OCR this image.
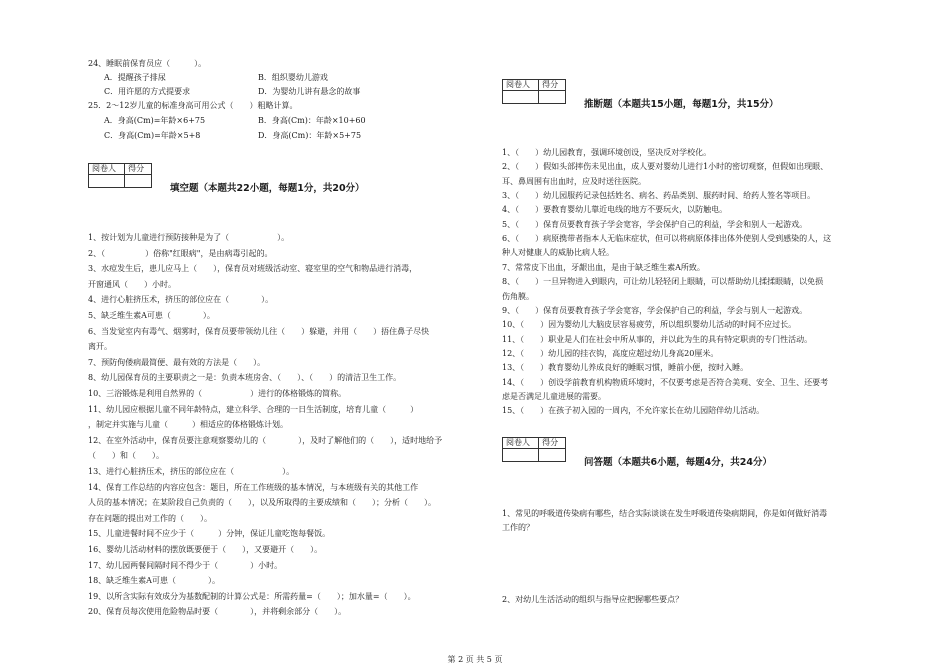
24、睡眠前保育员应（　　　）。
A．提醒孩子排尿	B．组织婴幼儿游戏
C．用许愿的方式提要求	D．为婴幼儿讲有悬念的故事
25．2～12岁儿童的标准身高可用公式（　　）粗略计算。
A．身高(Cm)=年龄×6+75	B．身高(Cm)：年龄×10+60
C．身高(Cm)=年龄×5+8	D．身高(Cm)：年龄×5+75
阅卷人	得分

填空题（本题共22小题，每题1分，共20分）
1、按计划为儿童进行预防接种是为了（　　　　　　）。
2、（　　　　　）俗称"红眼病"，是由病毒引起的。
3、水痘发生后，患儿应马上（　　），保育员对班级活动室、寝室里的空气和物品进行消毒，
开窗通风（　　）小时。
4、进行心脏挤压术，挤压的部位应在（　　　　）。
5、缺乏维生素A可患（　　　　）。
6、当发觉室内有毒气、烟雾时，保育员要带领幼儿往（　　）躲避，并用（　　）捂住鼻子尽快
离开。
7、预防佝偻病最简便、最有效的方法是（　　）。
8、幼儿园保育员的主要职责之一是：负责本班房舍、（　　）、（　　）的清洁卫生工作。
10、三浴锻炼是利用自然界的（　　　　　　）进行的体格锻炼的简称。
11、幼儿园应根据儿童不同年龄特点，建立科学、合理的一日生活制度，培育儿童（　　　）
，制定并实施与儿童（　　　）相适应的体格锻炼计划。
12、在室外活动中，保育员要注意观察婴幼儿的（　　　　），及时了解他们的（　　），适时地给予
（　　）和（　　）。
13、进行心脏挤压术，挤压的部位应在（　　　　　　）。
14、保育工作总结的内容应包含：题目，所在工作班级的基本情况，与本班级有关的其他工作
人员的基本情况；在某阶段自己负责的（　　），以及所取得的主要成绩和（　　）；分析（　　）。
存在问题的提出对工作的（　　）。
15、儿童进餐时间不应少于（　　　）分钟，保证儿童吃饱每餐饭。
16、婴幼儿活动材料的摆放既要便于（　　），又要避开（　　）。
17、幼儿园两餐间隔时间不得少于（　　　　）小时。
18、缺乏维生素A可患（　　　　）。
19、以所含实际有效成分为基数配制的计算公式是：所需药量=（　　）；加水量=（　　）。
20、保育员每次使用危险物品时要（　　　　），并将剩余部分（　　）。
阅卷人	得分

推断题（本题共15小题，每题1分，共15分）
1、（　　）幼儿园教育，强调环境创设，坚决反对学校化。
2、（　　）假如头部摔伤未见出血，成人要对婴幼儿进行1小时的密切观察，但假如出现眼、
耳、鼻周围有出血时，应及时送往医院。
3、（　　）幼儿园服药记录包括姓名、病名、药品类别、服药时间、给药人签名等项目。
4、（　　）要教育婴幼儿靠近电线的地方不要玩火，以防触电。
5、（　　）保育员要教育孩子学会宽容，学会保护自己的利益，学会和别人一起游戏。
6、（　　）病原携带者指本人无临床症状，但可以将病原体排出体外使别人受到感染的人，这
种人对健康人的威胁比病人轻。
7、常常皮下出血，牙龈出血，是由于缺乏维生素A所致。
8、（　　）一旦异物进入到眼内，可让幼儿轻轻闭上眼睛，可以帮助幼儿揉揉眼睛，以免损
伤角膜。
9、（　　）保育员要教育孩子学会宽容，学会保护自己的利益，学会与别人一起游戏。
10、（　　）因为婴幼儿大脑皮层容易疲劳，所以组织婴幼儿活动的时间不应过长。
11、（　　）职业是人们在社会中所从事的，并以此为生的具有特定职责的专门性活动。
12、（　　）幼儿园的挂衣钩，高度应超过幼儿身高20厘米。
13、（　　）教育婴幼儿养成良好的睡眠习惯，睡前小便，按时入睡。
14、（　　）创设学前教育机构物质环境时，不仅要考虑是否符合美观、安全、卫生、还要考
虑是否满足儿童进展的需要。
15、（　　）在孩子初入园的一周内，不允许家长在幼儿园陪伴幼儿活动。
阅卷人	得分

问答题（本题共6小题，每题4分，共24分）
1、常见的呼吸道传染病有哪些，结合实际谈谈在发生呼吸道传染病期间，你是如何做好消毒
工作的？
2、对幼儿生活活动的组织与指导应把握哪些要点？
第 2 页 共 5 页
